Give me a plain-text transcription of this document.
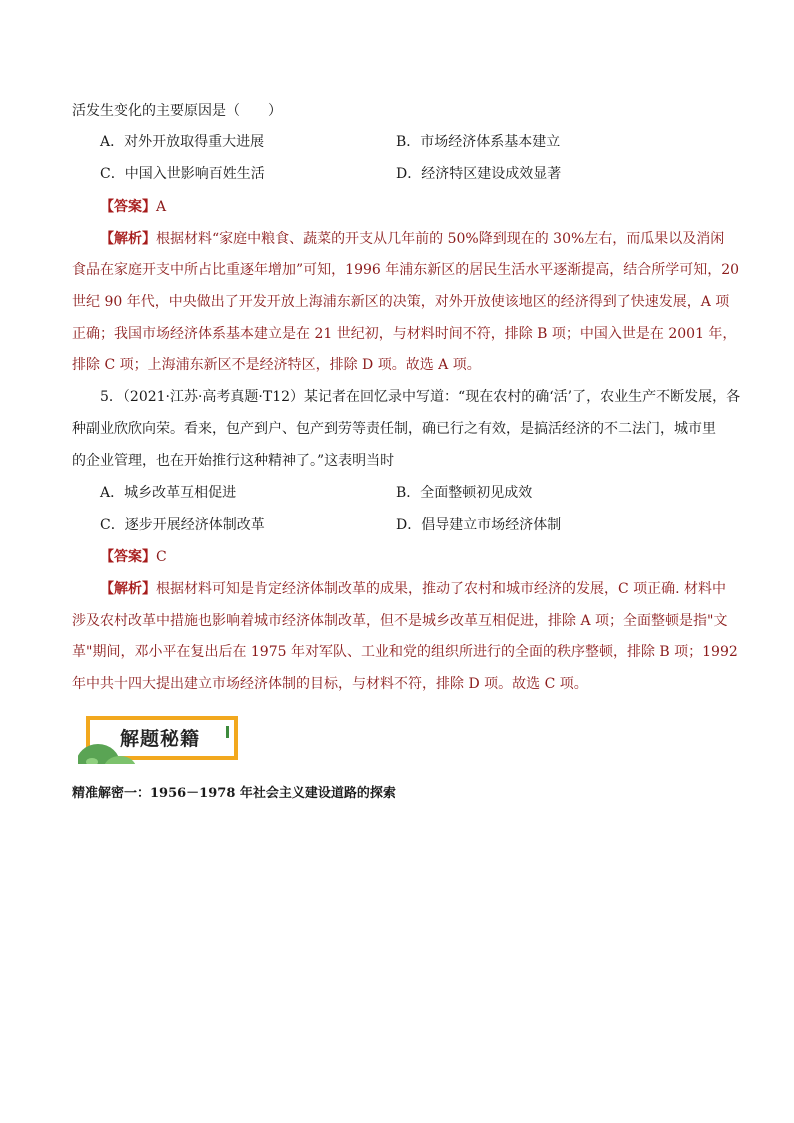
活发生变化的主要原因是（　　）
A．对外开放取得重大进展	B．市场经济体系基本建立
C．中国入世影响百姓生活	D．经济特区建设成效显著
【答案】A
【解析】根据材料“家庭中粮食、蔬菜的开支从几年前的 50%降到现在的 30%左右，而瓜果以及消闲
食品在家庭开支中所占比重逐年增加”可知，1996 年浦东新区的居民生活水平逐渐提高，结合所学可知，20
世纪 90 年代，中央做出了开发开放上海浦东新区的决策，对外开放使该地区的经济得到了快速发展，A 项
正确；我国市场经济体系基本建立是在 21 世纪初，与材料时间不符，排除 B 项；中国入世是在 2001 年，
排除 C 项；上海浦东新区不是经济特区，排除 D 项。故选 A 项。
5．（2021·江苏·高考真题·T12）某记者在回忆录中写道：“现在农村的确‘活’了，农业生产不断发展，各
种副业欣欣向荣。看来，包产到户、包产到劳等责任制，确已行之有效，是搞活经济的不二法门，城市里
的企业管理，也在开始推行这种精神了。”这表明当时
A．城乡改革互相促进	B．全面整顿初见成效
C．逐步开展经济体制改革	D．倡导建立市场经济体制
【答案】C
【解析】根据材料可知是肯定经济体制改革的成果，推动了农村和城市经济的发展，C 项正确. 材料中
涉及农村改革中措施也影响着城市经济体制改革，但不是城乡改革互相促进，排除 A 项；全面整顿是指"文
革"期间，邓小平在复出后在 1975 年对军队、工业和党的组织所进行的全面的秩序整顿，排除 B 项；1992
年中共十四大提出建立市场经济体制的目标，与材料不符，排除 D 项。故选 C 项。
解题秘籍
精准解密一：1956－1978 年社会主义建设道路的探索
